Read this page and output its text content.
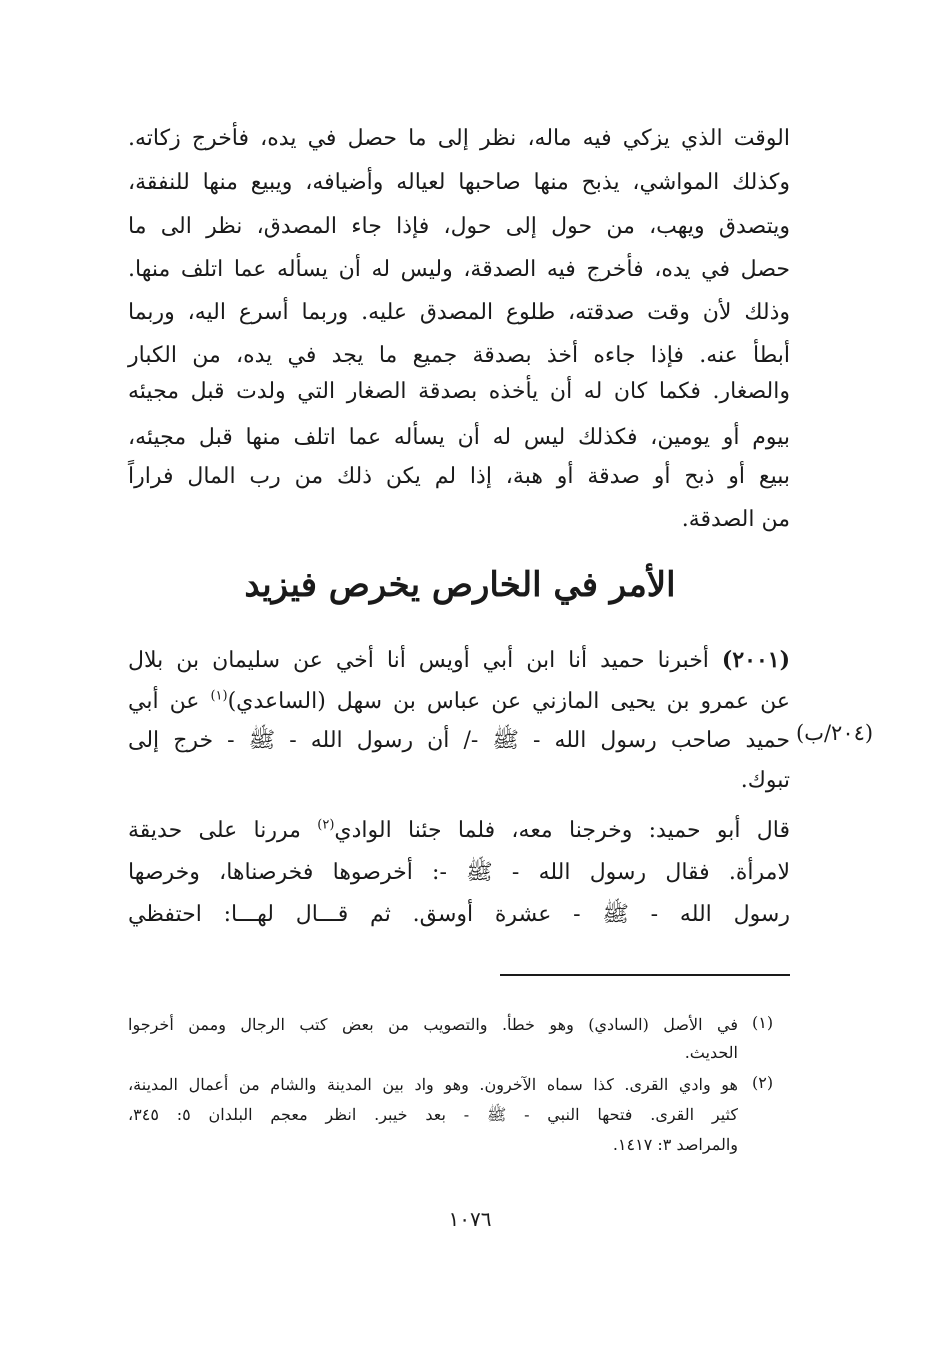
الوقت الذي يزكي فيه ماله، نظر إلى ما حصل في يده، فأخرج زكاته.
وكذلك المواشي، يذبح منها صاحبها لعياله وأضيافه، ويبيع منها للنفقة،
ويتصدق ويهب، من حول إلى حول، فإذا جاء المصدق، نظر الى ما
حصل في يده، فأخرج فيه الصدقة، وليس له أن يسأله عما اتلف منها.
وذلك لأن وقت صدقته، طلوع المصدق عليه. وربما أسرع اليه، وربما
أبطأ عنه. فإذا جاءه أخذ بصدقة جميع ما يجد في يده، من الكبار
والصغار. فكما كان له أن يأخذه بصدقة الصغار التي ولدت قبل مجيئه
بيوم أو يومين، فكذلك ليس له أن يسأله عما اتلف منها قبل مجيئه،
ببيع أو ذبح أو صدقة أو هبة، إذا لم يكن ذلك من رب المال فراراً
من الصدقة.
الأمر في الخارص يخرص فيزيد
(٢٠٠١) أخبرنا حميد أنا ابن أبي أويس أنا أخي عن سليمان بن بلال
عن عمرو بن يحيى المازني عن عباس بن سهل (الساعدي)$^{(١)}$ عن أبي
حميد صاحب رسول الله - ﷺ -/ أن رسول الله - ﷺ - خرج إلى
تبوك.
(٢٠٤/ب)
قال أبو حميد: وخرجنا معه، فلما جئنا الوادي$^{(٢)}$ مررنا على حديقة
لامرأة. فقال رسول الله - ﷺ -: أخرصوها فخرصناها، وخرصها
رسول الله - ﷺ - عشرة أوسق. ثم قـــال لهـــا: احتفظي
(١)
في الأصل (السادي) وهو خطأ. والتصويب من بعض كتب الرجال وممن أخرجوا
الحديث.
(٢)
هو وادي القرى. كذا سماه الآخرون. وهو واد بين المدينة والشام من أعمال المدينة،
كثير القرى. فتحها النبي - ﷺ - بعد خيبر. انظر معجم البلدان ٥: ٣٤٥،
والمراصد ٣: ١٤١٧.
١٠٧٦
